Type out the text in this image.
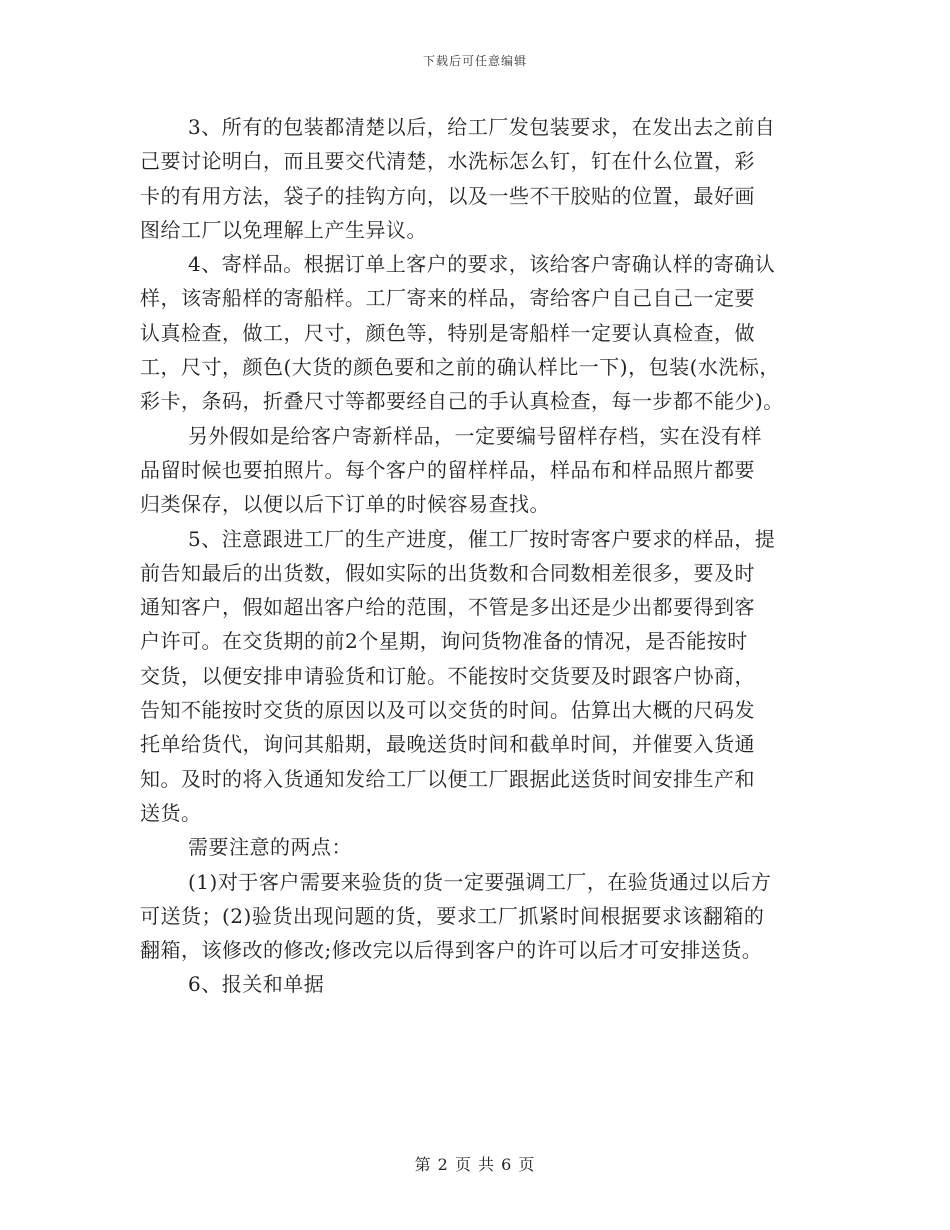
下载后可任意编辑
3、所有的包装都清楚以后，给工厂发包装要求，在发出去之前自
己要讨论明白，而且要交代清楚，水洗标怎么钉，钉在什么位置，彩
卡的有用方法，袋子的挂钩方向，以及一些不干胶贴的位置，最好画
图给工厂以免理解上产生异议。
4、寄样品。根据订单上客户的要求，该给客户寄确认样的寄确认
样，该寄船样的寄船样。工厂寄来的样品，寄给客户自己自己一定要
认真检查，做工，尺寸，颜色等，特别是寄船样一定要认真检查，做
工，尺寸，颜色(大货的颜色要和之前的确认样比一下)，包装(水洗标，
彩卡，条码，折叠尺寸等都要经自己的手认真检查，每一步都不能少)。
另外假如是给客户寄新样品，一定要编号留样存档，实在没有样
品留时候也要拍照片。每个客户的留样样品，样品布和样品照片都要
归类保存，以便以后下订单的时候容易查找。
5、注意跟进工厂的生产进度，催工厂按时寄客户要求的样品，提
前告知最后的出货数，假如实际的出货数和合同数相差很多，要及时
通知客户，假如超出客户给的范围，不管是多出还是少出都要得到客
户许可。在交货期的前2个星期，询问货物准备的情况，是否能按时
交货，以便安排申请验货和订舱。不能按时交货要及时跟客户协商，
告知不能按时交货的原因以及可以交货的时间。估算出大概的尺码发
托单给货代，询问其船期，最晚送货时间和截单时间，并催要入货通
知。及时的将入货通知发给工厂以便工厂跟据此送货时间安排生产和
送货。
需要注意的两点：
(1)对于客户需要来验货的货一定要强调工厂，在验货通过以后方
可送货；(2)验货出现问题的货，要求工厂抓紧时间根据要求该翻箱的
翻箱，该修改的修改;修改完以后得到客户的许可以后才可安排送货。
6、报关和单据
第 2 页 共 6 页
